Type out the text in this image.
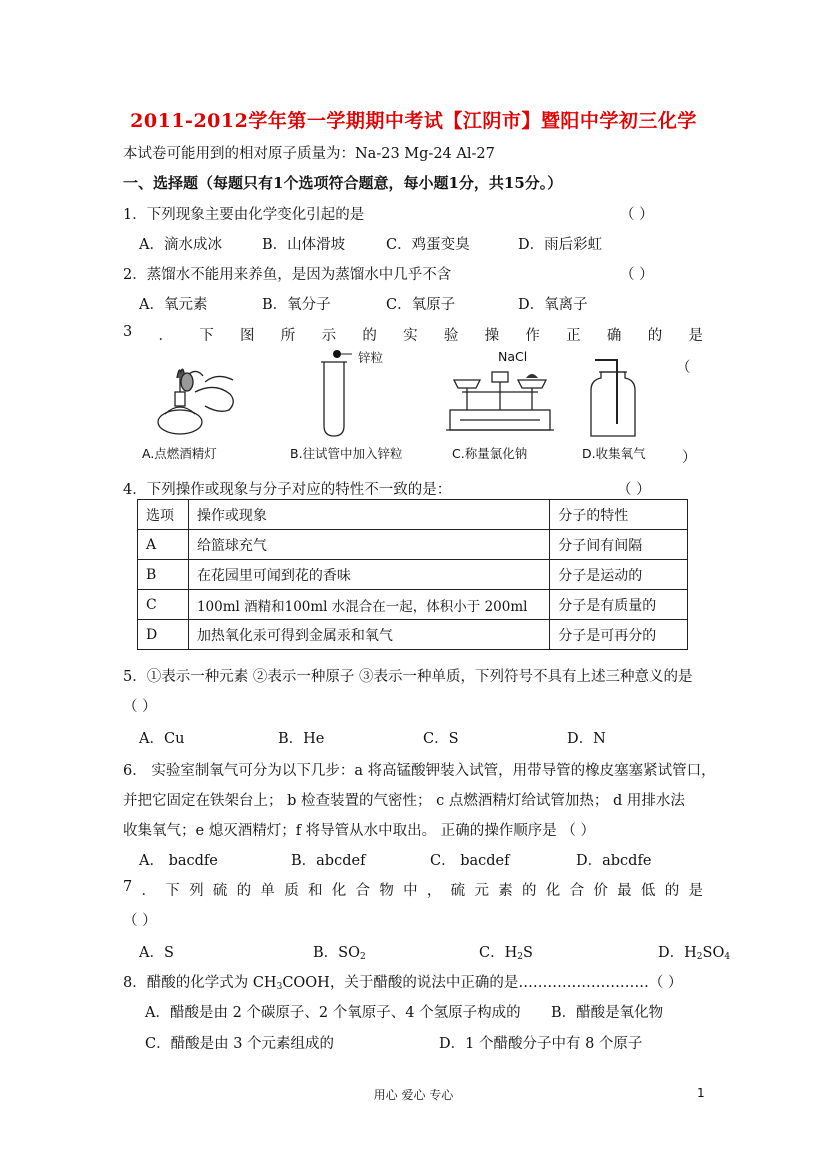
2011-2012学年第一学期期中考试【江阴市】暨阳中学初三化学
本试卷可能用到的相对原子质量为：Na-23 Mg-24 Al-27
一、选择题（每题只有1个选项符合题意，每小题1分，共15分。）
1．下列现象主要由化学变化引起的是	（ ）
A．滴水成冰	B．山体滑坡	C．鸡蛋变臭	D．雨后彩虹
2．蒸馏水不能用来养鱼，是因为蒸馏水中几乎不含	（ ）
A．氧元素	B．氧分子	C．氧原子	D．氧离子
3 ． 下 图 所 示 的 实 验 操 作 正 确 的 是
（
）
A.点燃酒精灯
锌粒
B.往试管中加入锌粒
NaCl
C.称量氯化钠	D.收集氧气
4．下列操作或现象与分子对应的特性不一致的是：	（ ）
选项	操作或现象	分子的特性
A	给篮球充气	分子间有间隔
B	在花园里可闻到花的香味	分子是运动的
C	100ml 酒精和100ml 水混合在一起，体积小于 200ml	分子是有质量的
D	加热氧化汞可得到金属汞和氧气	分子是可再分的
5．①表示一种元素 ②表示一种原子 ③表示一种单质，下列符号不具有上述三种意义的是
（ ）
A．Cu	B．He	C．S	D．N
6． 实验室制氧气可分为以下几步：a 将高锰酸钾装入试管，用带导管的橡皮塞塞紧试管口，
并把它固定在铁架台上； b 检查装置的气密性； c 点燃酒精灯给试管加热； d 用排水法
收集氧气；e 熄灭酒精灯；f 将导管从水中取出。 正确的操作顺序是 （ ）
A． bacdfe	B．abcdef	C． bacdef	D．abcdfe
7 ． 下 列 硫 的 单 质 和 化 合 物 中 ， 硫 元 素 的 化 合 价 最 低 的 是
（ ）
A．S	B．$SO_2$	C．$H_2S$	D．$H_2SO_4$
8．醋酸的化学式为 $CH_3COOH$，关于醋酸的说法中正确的是………………………（ ）
A．醋酸是由 2 个碳原子、2 个氧原子、4 个氢原子构成的 B．醋酸是氧化物
C．醋酸是由 3 个元素组成的	D．1 个醋酸分子中有 8 个原子
用心 爱心 专心	1
